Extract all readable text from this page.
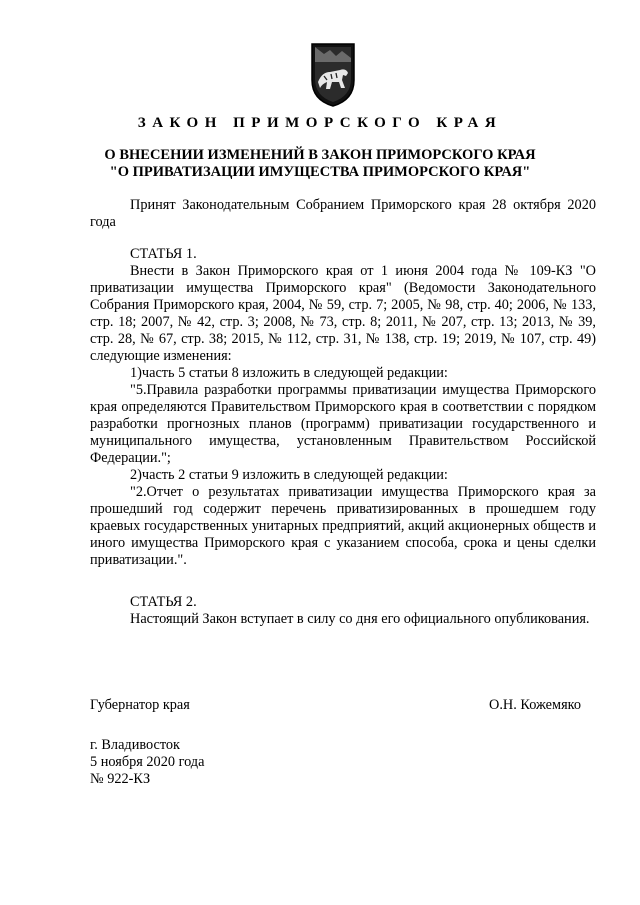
ЗАКОН ПРИМОРСКОГО КРАЯ
О ВНЕСЕНИИ ИЗМЕНЕНИЙ В ЗАКОН ПРИМОРСКОГО КРАЯ
"О ПРИВАТИЗАЦИИ ИМУЩЕСТВА ПРИМОРСКОГО КРАЯ"

Принят Законодательным Собранием Приморского края 28 октября 2020 года

СТАТЬЯ 1.

Внести в Закон Приморского края от 1 июня 2004 года № 109-КЗ "О приватизации имущества Приморского края" (Ведомости Законодательного Собрания Приморского края, 2004, № 59, стр. 7; 2005, № 98, стр. 40; 2006, № 133, стр. 18; 2007, № 42, стр. 3; 2008, № 73, стр. 8; 2011, № 207, стр. 13; 2013, № 39, стр. 28, № 67, стр. 38; 2015, № 112, стр. 31, № 138, стр. 19; 2019, № 107, стр. 49) следующие изменения:

1)часть 5 статьи 8 изложить в следующей редакции:

"5.Правила разработки программы приватизации имущества Приморского края определяются Правительством Приморского края в соответствии с порядком разработки прогнозных планов (программ) приватизации государственного и муниципального имущества, установленным Правительством Российской Федерации.";

2)часть 2 статьи 9 изложить в следующей редакции:

"2.Отчет о результатах приватизации имущества Приморского края за прошедший год содержит перечень приватизированных в прошедшем году краевых государственных унитарных предприятий, акций акционерных обществ и иного имущества Приморского края с указанием способа, срока и цены сделки приватизации.".

СТАТЬЯ 2.

Настоящий Закон вступает в силу со дня его официального опубликования.

Губернатор края	О.Н. Кожемяко
г. Владивосток
5 ноября 2020 года
№ 922-КЗ
